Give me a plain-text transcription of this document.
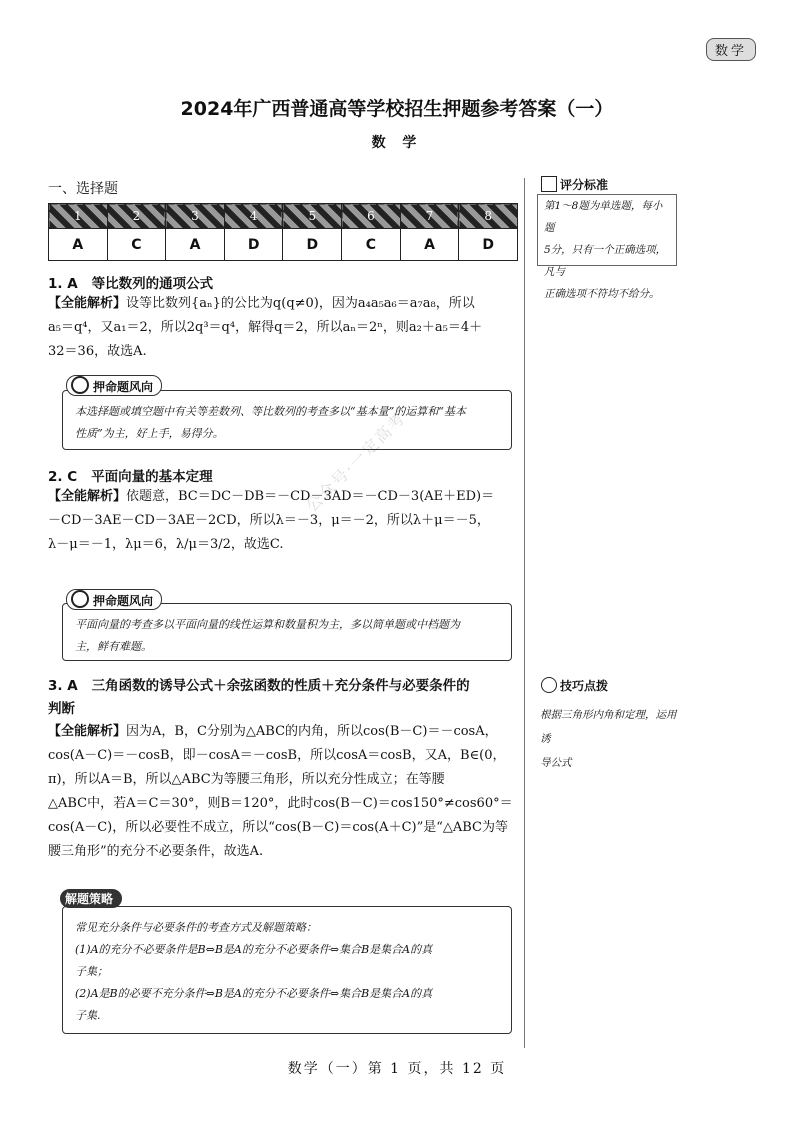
数学
2024年广西普通高等学校招生押题参考答案（一）
数 学
公众号·一定高考
一、选择题
1	2	3	4	5	6	7	8
A	C	A	D	D	C	A	D
评分标准
第1～8题为单选题，每小题
5分，只有一个正确选项，凡与
正确选项不符均不给分。
技巧点拨
根据三角形内角和定理，运用诱
导公式
1. A 等比数列的通项公式
【全能解析】设等比数列{aₙ}的公比为q(q≠0)，因为a₄a₅a₆＝a₇a₈，所以
a₅＝q⁴，又a₁＝2，所以2q³＝q⁴，解得q＝2，所以aₙ＝2ⁿ，则a₂＋a₅＝4＋
32＝36，故选A.
本选择题或填空题中有关等差数列、等比数列的考查多以“基本量”的运算和“基本
性质”为主，好上手，易得分。
押命题风向
2. C 平面向量的基本定理
【全能解析】依题意，BC＝DC－DB＝－CD－3AD＝－CD－3(AE＋ED)＝
－CD－3AE－CD－3AE－2CD，所以λ＝－3，μ＝－2，所以λ＋μ＝－5，
λ－μ＝－1，λμ＝6，λ/μ＝3/2，故选C.
平面向量的考查多以平面向量的线性运算和数量积为主，多以简单题或中档题为
主，鲜有难题。
押命题风向
3. A 三角函数的诱导公式＋余弦函数的性质＋充分条件与必要条件的
判断
【全能解析】因为A，B，C分别为△ABC的内角，所以cos(B－C)＝－cosA，
cos(A－C)＝－cosB，即－cosA＝－cosB，所以cosA＝cosB，又A，B∈(0，
π)，所以A＝B，所以△ABC为等腰三角形，所以充分性成立；在等腰
△ABC中，若A＝C＝30°，则B＝120°，此时cos(B－C)＝cos150°≠cos60°＝
cos(A－C)，所以必要性不成立，所以“cos(B－C)＝cos(A＋C)”是“△ABC为等
腰三角形”的充分不必要条件，故选A.
常见充分条件与必要条件的考查方式及解题策略：
(1)A的充分不必要条件是B⇔B是A的充分不必要条件⇔集合B是集合A的真
子集；
(2)A是B的必要不充分条件⇔B是A的充分不必要条件⇔集合B是集合A的真
子集.
解题策略
数学（一）第 1 页，共 12 页
